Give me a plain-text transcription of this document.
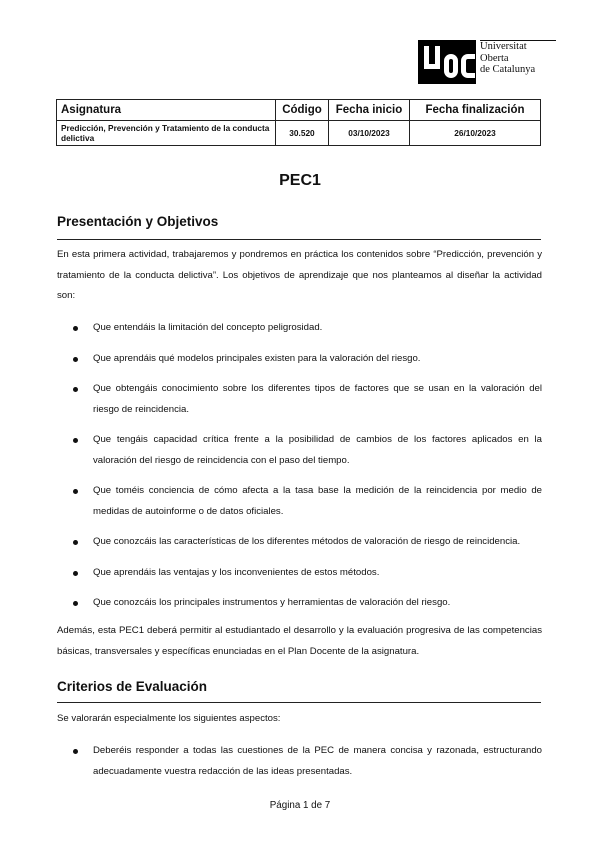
Universitat
Oberta
de Catalunya
Asignatura	Código	Fecha inicio	Fecha finalización
Predicción, Prevención y Tratamiento de la conducta delictiva	30.520	03/10/2023	26/10/2023
PEC1
Presentación y Objetivos
En esta primera actividad, trabajaremos y pondremos en práctica los contenidos sobre “Predicción, prevención y tratamiento de la conducta delictiva”. Los objetivos de aprendizaje que nos planteamos al diseñar la actividad son:
Que entendáis la limitación del concepto peligrosidad.
Que aprendáis qué modelos principales existen para la valoración del riesgo.
Que obtengáis conocimiento sobre los diferentes tipos de factores que se usan en la valoración del riesgo de reincidencia.
Que tengáis capacidad crítica frente a la posibilidad de cambios de los factores aplicados en la valoración del riesgo de reincidencia con el paso del tiempo.
Que toméis conciencia de cómo afecta a la tasa base la medición de la reincidencia por medio de medidas de autoinforme o de datos oficiales.
Que conozcáis las características de los diferentes métodos de valoración de riesgo de reincidencia.
Que aprendáis las ventajas y los inconvenientes de estos métodos.
Que conozcáis los principales instrumentos y herramientas de valoración del riesgo.
Además, esta PEC1 deberá permitir al estudiantado el desarrollo y la evaluación progresiva de las competencias básicas, transversales y específicas enunciadas en el Plan Docente de la asignatura.
Criterios de Evaluación
Se valorarán especialmente los siguientes aspectos:
Deberéis responder a todas las cuestiones de la PEC de manera concisa y razonada, estructurando adecuadamente vuestra redacción de las ideas presentadas.
Página 1 de 7
